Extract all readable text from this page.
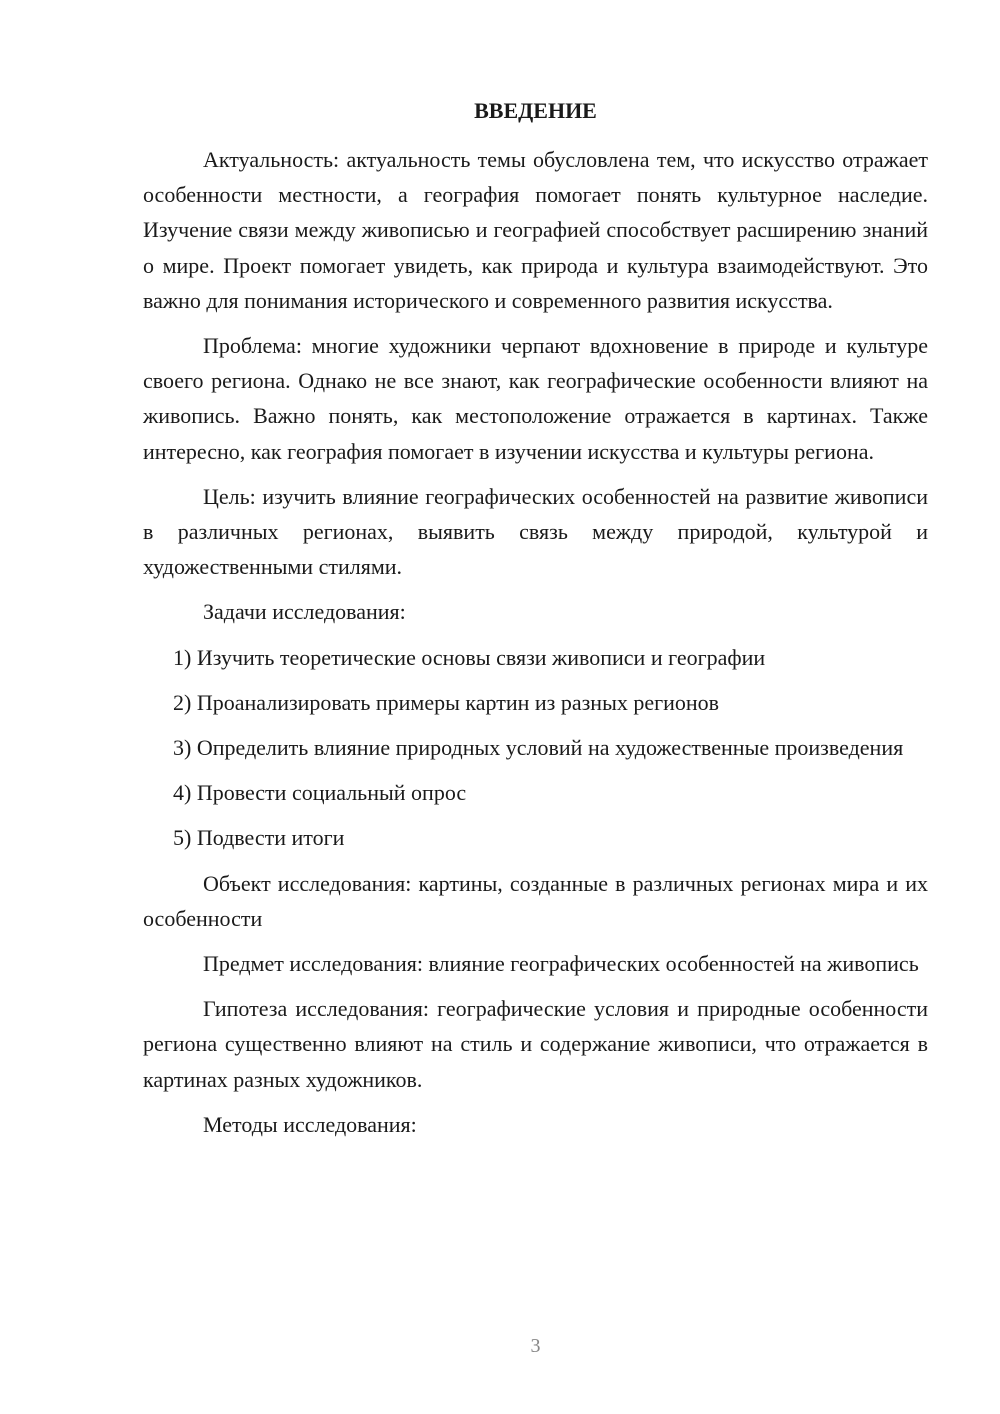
ВВЕДЕНИЕ

Актуальность: актуальность темы обусловлена тем, что искусство отражает особенности местности, а география помогает понять культурное наследие. Изучение связи между живописью и географией способствует расширению знаний о мире. Проект помогает увидеть, как природа и культура взаимодействуют. Это важно для понимания исторического и современного развития искусства.

Проблема: многие художники черпают вдохновение в природе и культуре своего региона. Однако не все знают, как географические особенности влияют на живопись. Важно понять, как местоположение отражается в картинах. Также интересно, как география помогает в изучении искусства и культуры региона.

Цель: изучить влияние географических особенностей на развитие живописи в различных регионах, выявить связь между природой, культурой и художественными стилями.

Задачи исследования:

1) Изучить теоретические основы связи живописи и географии

2) Проанализировать примеры картин из разных регионов

3) Определить влияние природных условий на художественные произведения

4) Провести социальный опрос

5) Подвести итоги

Объект исследования: картины, созданные в различных регионах мира и их особенности

Предмет исследования: влияние географических особенностей на живопись

Гипотеза исследования: географические условия и природные особенности региона существенно влияют на стиль и содержание живописи, что отражается в картинах разных художников.

Методы исследования:

3
